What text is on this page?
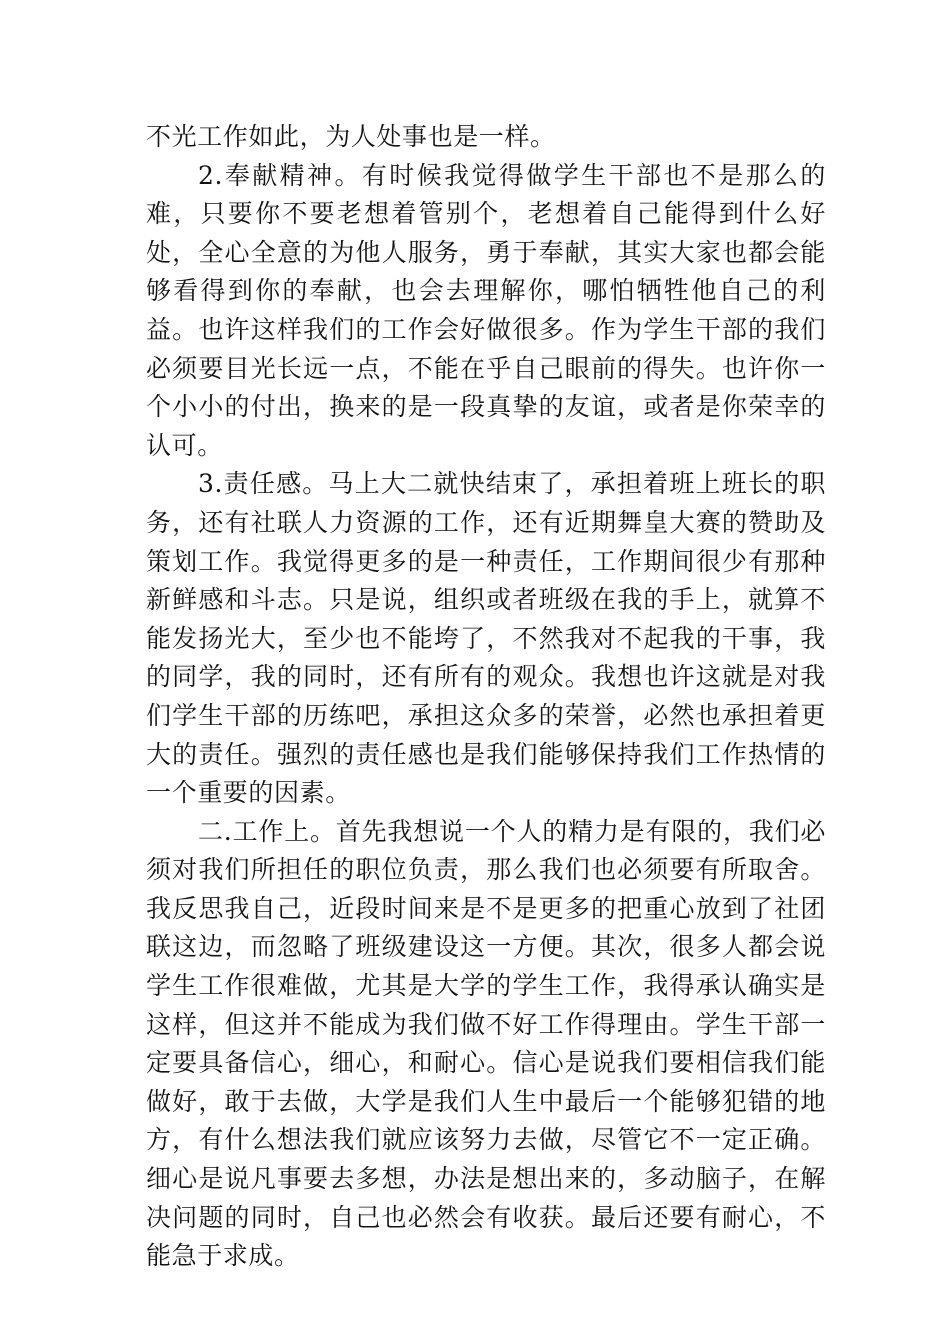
不光工作如此，为人处事也是一样。

2.奉献精神。有时候我觉得做学生干部也不是那么的难，只要你不要老想着管别个，老想着自己能得到什么好处，全心全意的为他人服务，勇于奉献，其实大家也都会能够看得到你的奉献，也会去理解你，哪怕牺牲他自己的利益。也许这样我们的工作会好做很多。作为学生干部的我们必须要目光长远一点，不能在乎自己眼前的得失。也许你一个小小的付出，换来的是一段真挚的友谊，或者是你荣幸的认可。

3.责任感。马上大二就快结束了，承担着班上班长的职务，还有社联人力资源的工作，还有近期舞皇大赛的赞助及策划工作。我觉得更多的是一种责任，工作期间很少有那种新鲜感和斗志。只是说，组织或者班级在我的手上，就算不能发扬光大，至少也不能垮了，不然我对不起我的干事，我的同学，我的同时，还有所有的观众。我想也许这就是对我们学生干部的历练吧，承担这众多的荣誉，必然也承担着更大的责任。强烈的责任感也是我们能够保持我们工作热情的一个重要的因素。

二.工作上。首先我想说一个人的精力是有限的，我们必须对我们所担任的职位负责，那么我们也必须要有所取舍。我反思我自己，近段时间来是不是更多的把重心放到了社团联这边，而忽略了班级建设这一方便。其次，很多人都会说学生工作很难做，尤其是大学的学生工作，我得承认确实是这样，但这并不能成为我们做不好工作得理由。学生干部一定要具备信心，细心，和耐心。信心是说我们要相信我们能做好，敢于去做，大学是我们人生中最后一个能够犯错的地方，有什么想法我们就应该努力去做，尽管它不一定正确。细心是说凡事要去多想，办法是想出来的，多动脑子，在解决问题的同时，自己也必然会有收获。最后还要有耐心，不能急于求成。
